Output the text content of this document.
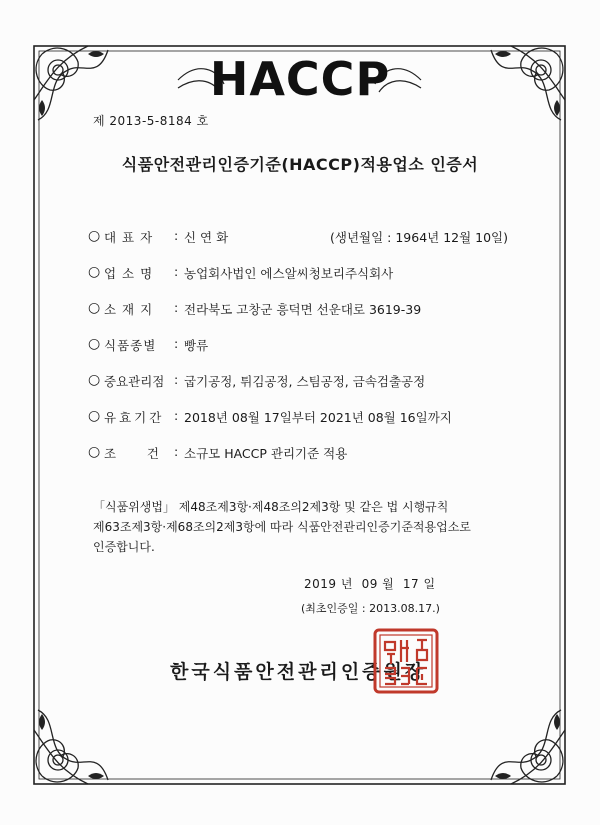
HACCP
제 2013-5-8184 호
식품안전관리인증기준(HACCP)적용업소 인증서
○ 대 표 자 : 신 연 화	(생년월일 : 1964년 12월 10일)
○ 업 소 명 : 농업회사법인 에스알씨청보리주식회사
○ 소 재 지 : 전라북도 고창군 흥덕면 선운대로 3619-39
○ 식품종별 : 빵류
○ 중요관리점 : 굽기공정, 튀김공정, 스팀공정, 금속검출공정
○ 유효기간 : 2018년 08월 17일부터 2021년 08월 16일까지
○ 조      건 : 소규모 HACCP 관리기준 적용
「식품위생법」 제48조제3항·제48조의2제3항 및 같은 법 시행규칙
제63조제3항·제68조의2제3항에 따라 식품안전관리인증기준적용업소로
인증합니다.
2019 년  09 월  17 일
(최초인증일 : 2013.08.17.)
한국식품안전관리인증원장
